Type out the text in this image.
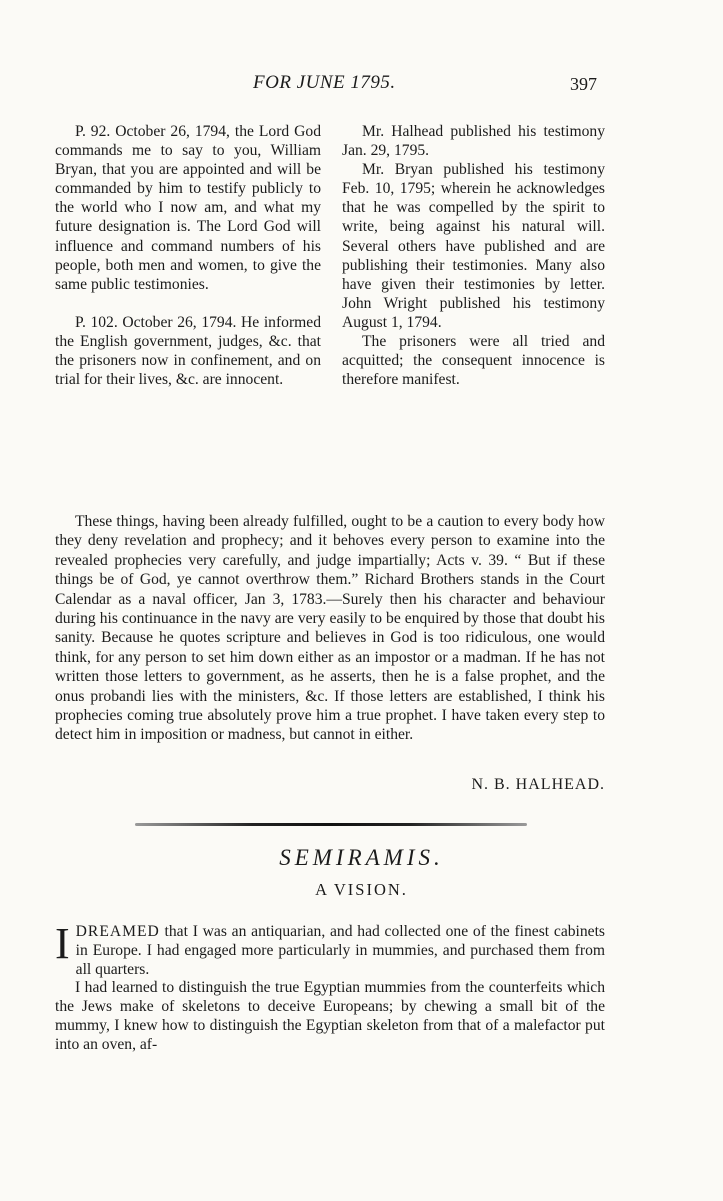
FOR JUNE 1795.	397

P. 92. October 26, 1794, the Lord God commands me to say to you, William Bryan, that you are appointed and will be commanded by him to testify publicly to the world who I now am, and what my future designation is. The Lord God will influence and command numbers of his people, both men and women, to give the same public testimonies.

P. 102. October 26, 1794. He informed the English government, judges, &c. that the prisoners now in confinement, and on trial for their lives, &c. are innocent.

Mr. Halhead published his testimony Jan. 29, 1795.

Mr. Bryan published his testimony Feb. 10, 1795; wherein he acknowledges that he was compelled by the spirit to write, being against his natural will. Several others have published and are publishing their testimonies. Many also have given their testimonies by letter. John Wright published his testimony August 1, 1794.

The prisoners were all tried and acquitted; the consequent innocence is therefore manifest.

These things, having been already fulfilled, ought to be a caution to every body how they deny revelation and prophecy; and it behoves every person to examine into the revealed prophecies very carefully, and judge impartially; Acts v. 39. “ But if these things be of God, ye cannot overthrow them.” Richard Brothers stands in the Court Calendar as a naval officer, Jan 3, 1783.—Surely then his character and behaviour during his continuance in the navy are very easily to be enquired by those that doubt his sanity. Because he quotes scripture and believes in God is too ridiculous, one would think, for any person to set him down either as an impostor or a madman. If he has not written those letters to government, as he asserts, then he is a false prophet, and the onus probandi lies with the ministers, &c. If those letters are established, I think his prophecies coming true absolutely prove him a true prophet. I have taken every step to detect him in imposition or madness, but cannot in either.

N. B. HALHEAD.
SEMIRAMIS.
A VISION.

IDREAMED that I was an antiquarian, and had collected one of the finest cabinets in Europe. I had engaged more particularly in mummies, and purchased them from all quarters.

I had learned to distinguish the true Egyptian mummies from the counterfeits which the Jews make of skeletons to deceive Europeans; by chewing a small bit of the mummy, I knew how to distinguish the Egyptian skeleton from that of a malefactor put into an oven, af-
